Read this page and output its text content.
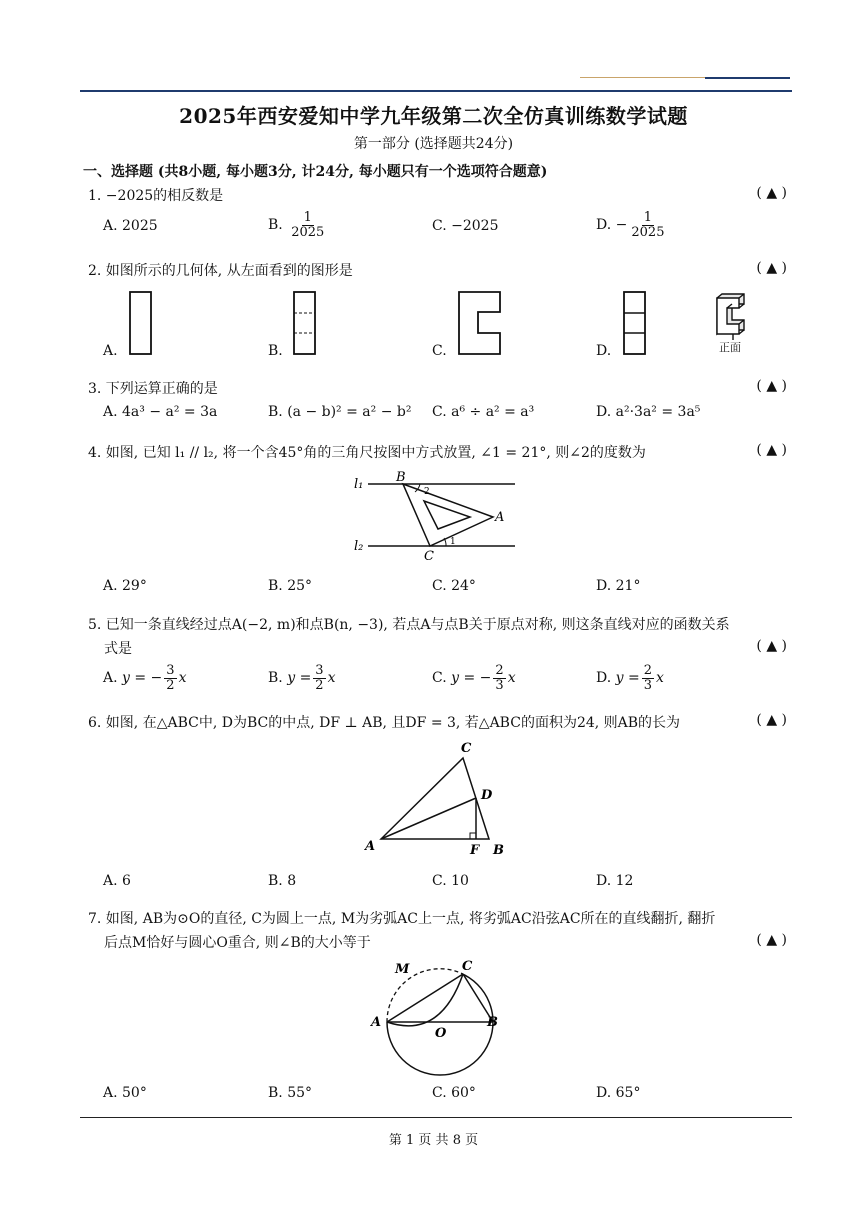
2025年西安爱知中学九年级第二次全仿真训练数学试题
第一部分 (选择题共24分)
一、选择题 (共8小题, 每小题3分, 计24分, 每小题只有一个选项符合题意)
1. −2025的相反数是	( ▲ )
A. 2025	B. $\frac{1}{2025}$	C. −2025	D. − $\frac{1}{2025}$
2. 如图所示的几何体, 从左面看到的图形是	( ▲ )
A.	B.	C.	D.	正面
3. 下列运算正确的是	( ▲ )
A. 4a³ − a² = 3a	B. (a − b)² = a² − b² C. a⁶ ÷ a² = a³	D. a²·3a² = 3a⁵
4. 如图, 已知 l₁ // l₂, 将一个含45°角的三角尺按图中方式放置, ∠1 = 21°, 则∠2的度数为	( ▲ )
l₁
l₂
B
C
A
2
1
A. 29°	B. 25°	C. 24°	D. 21°
5. 已知一条直线经过点A(−2, m)和点B(n, −3), 若点A与点B关于原点对称, 则这条直线对应的函数关系
式是	( ▲ )
A. y = − $\frac{3}{2}$ x	B. $y = \frac{3}{2}$ x	C. y = − $\frac{2}{3}$ x	D. $y = \frac{2}{3}$ x
6. 如图, 在△ABC中, D为BC的中点, DF ⊥ AB, 且DF = 3, 若△ABC的面积为24, 则AB的长为	( ▲ )
C
D
A	F B
A. 6	B. 8	C. 10	D. 12
7. 如图, AB为⊙O的直径, C为圆上一点, M为劣弧AC上一点, 将劣弧AC沿弦AC所在的直线翻折, 翻折
后点M恰好与圆心O重合, 则∠B的大小等于	( ▲ )
M	C
A
O
B
A. 50°	B. 55°	C. 60°	D. 65°
第 1 页 共 8 页
